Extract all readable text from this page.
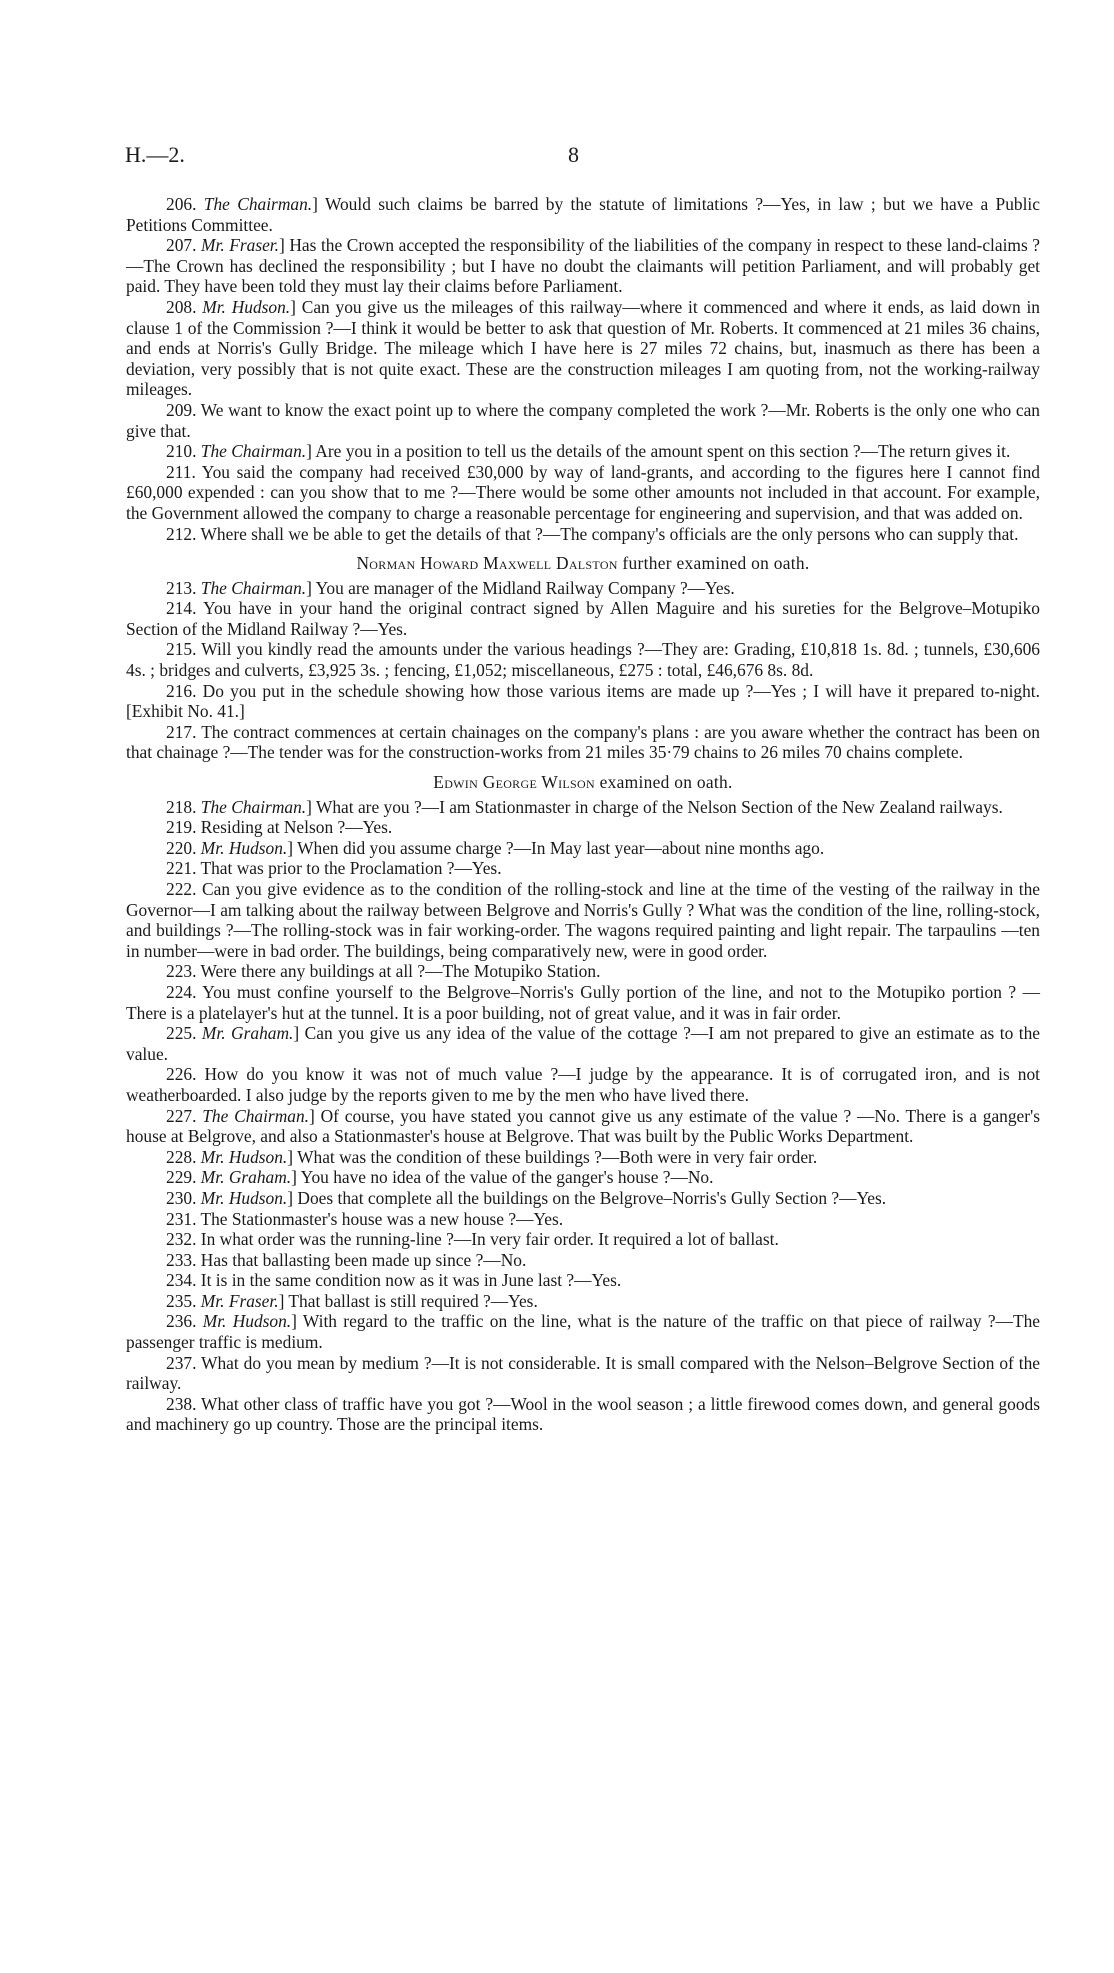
H.—2.	8

206. The Chairman.] Would such claims be barred by the statute of limitations ?—Yes, in law ; but we have a Public Petitions Committee.

207. Mr. Fraser.] Has the Crown accepted the responsibility of the liabilities of the company in respect to these land-claims ?—The Crown has declined the responsibility ; but I have no doubt the claimants will petition Parliament, and will probably get paid. They have been told they must lay their claims before Parliament.

208. Mr. Hudson.] Can you give us the mileages of this railway—where it commenced and where it ends, as laid down in clause 1 of the Commission ?—I think it would be better to ask that question of Mr. Roberts. It commenced at 21 miles 36 chains, and ends at Norris's Gully Bridge. The mileage which I have here is 27 miles 72 chains, but, inasmuch as there has been a deviation, very possibly that is not quite exact. These are the construction mileages I am quoting from, not the working-railway mileages.

209. We want to know the exact point up to where the company completed the work ?—Mr. Roberts is the only one who can give that.

210. The Chairman.] Are you in a position to tell us the details of the amount spent on this section ?—The return gives it.

211. You said the company had received £30,000 by way of land-grants, and according to the figures here I cannot find £60,000 expended : can you show that to me ?—There would be some other amounts not included in that account. For example, the Government allowed the company to charge a reasonable percentage for engineering and supervision, and that was added on.

212. Where shall we be able to get the details of that ?—The company's officials are the only persons who can supply that.

Norman Howard Maxwell Dalston further examined on oath.

213. The Chairman.] You are manager of the Midland Railway Company ?—Yes.

214. You have in your hand the original contract signed by Allen Maguire and his sureties for the Belgrove–Motupiko Section of the Midland Railway ?—Yes.

215. Will you kindly read the amounts under the various headings ?—They are: Grading, £10,818 1s. 8d. ; tunnels, £30,606 4s. ; bridges and culverts, £3,925 3s. ; fencing, £1,052; miscellaneous, £275 : total, £46,676 8s. 8d.

216. Do you put in the schedule showing how those various items are made up ?—Yes ; I will have it prepared to-night. [Exhibit No. 41.]

217. The contract commences at certain chainages on the company's plans : are you aware whether the contract has been on that chainage ?—The tender was for the construction-works from 21 miles 35·79 chains to 26 miles 70 chains complete.

Edwin George Wilson examined on oath.

218. The Chairman.] What are you ?—I am Stationmaster in charge of the Nelson Section of the New Zealand railways.

219. Residing at Nelson ?—Yes.

220. Mr. Hudson.] When did you assume charge ?—In May last year—about nine months ago.

221. That was prior to the Proclamation ?—Yes.

222. Can you give evidence as to the condition of the rolling-stock and line at the time of the vesting of the railway in the Governor—I am talking about the railway between Belgrove and Norris's Gully ? What was the condition of the line, rolling-stock, and buildings ?—The rolling-stock was in fair working-order. The wagons required painting and light repair. The tarpaulins —ten in number—were in bad order. The buildings, being comparatively new, were in good order.

223. Were there any buildings at all ?—The Motupiko Station.

224. You must confine yourself to the Belgrove–Norris's Gully portion of the line, and not to the Motupiko portion ? — There is a platelayer's hut at the tunnel. It is a poor building, not of great value, and it was in fair order.

225. Mr. Graham.] Can you give us any idea of the value of the cottage ?—I am not prepared to give an estimate as to the value.

226. How do you know it was not of much value ?—I judge by the appearance. It is of corrugated iron, and is not weatherboarded. I also judge by the reports given to me by the men who have lived there.

227. The Chairman.] Of course, you have stated you cannot give us any estimate of the value ? —No. There is a ganger's house at Belgrove, and also a Stationmaster's house at Belgrove. That was built by the Public Works Department.

228. Mr. Hudson.] What was the condition of these buildings ?—Both were in very fair order.

229. Mr. Graham.] You have no idea of the value of the ganger's house ?—No.

230. Mr. Hudson.] Does that complete all the buildings on the Belgrove–Norris's Gully Section ?—Yes.

231. The Stationmaster's house was a new house ?—Yes.

232. In what order was the running-line ?—In very fair order. It required a lot of ballast.

233. Has that ballasting been made up since ?—No.

234. It is in the same condition now as it was in June last ?—Yes.

235. Mr. Fraser.] That ballast is still required ?—Yes.

236. Mr. Hudson.] With regard to the traffic on the line, what is the nature of the traffic on that piece of railway ?—The passenger traffic is medium.

237. What do you mean by medium ?—It is not considerable. It is small compared with the Nelson–Belgrove Section of the railway.

238. What other class of traffic have you got ?—Wool in the wool season ; a little firewood comes down, and general goods and machinery go up country. Those are the principal items.
